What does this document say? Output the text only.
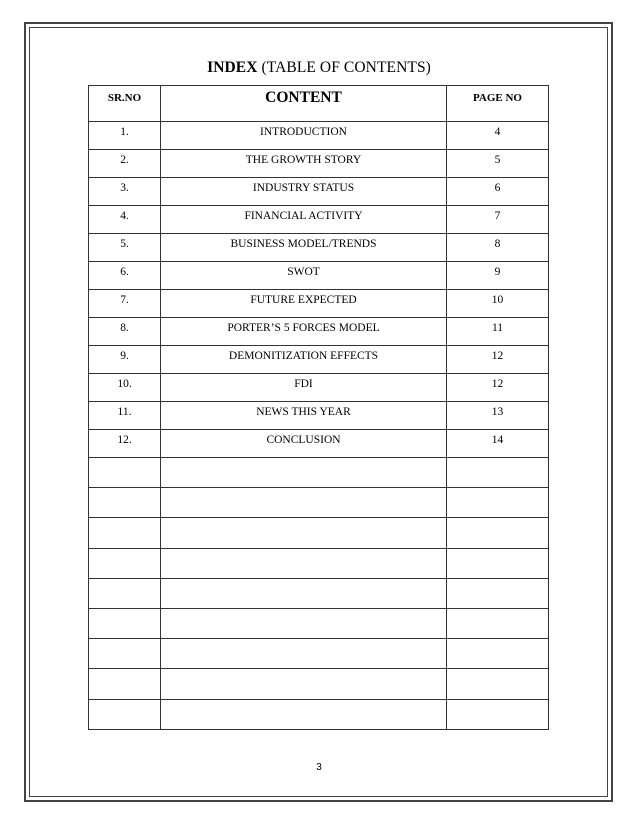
INDEX (TABLE OF CONTENTS)
SR.NO	CONTENT	PAGE NO
1.	INTRODUCTION	4
2.	THE GROWTH STORY	5
3.	INDUSTRY STATUS	6
4.	FINANCIAL ACTIVITY	7
5.	BUSINESS MODEL/TRENDS	8
6.	SWOT	9
7.	FUTURE EXPECTED	10
8.	PORTER’S 5 FORCES MODEL	11
9.	DEMONITIZATION EFFECTS	12
10.	FDI	12
11.	NEWS THIS YEAR	13
12.	CONCLUSION	14

3
